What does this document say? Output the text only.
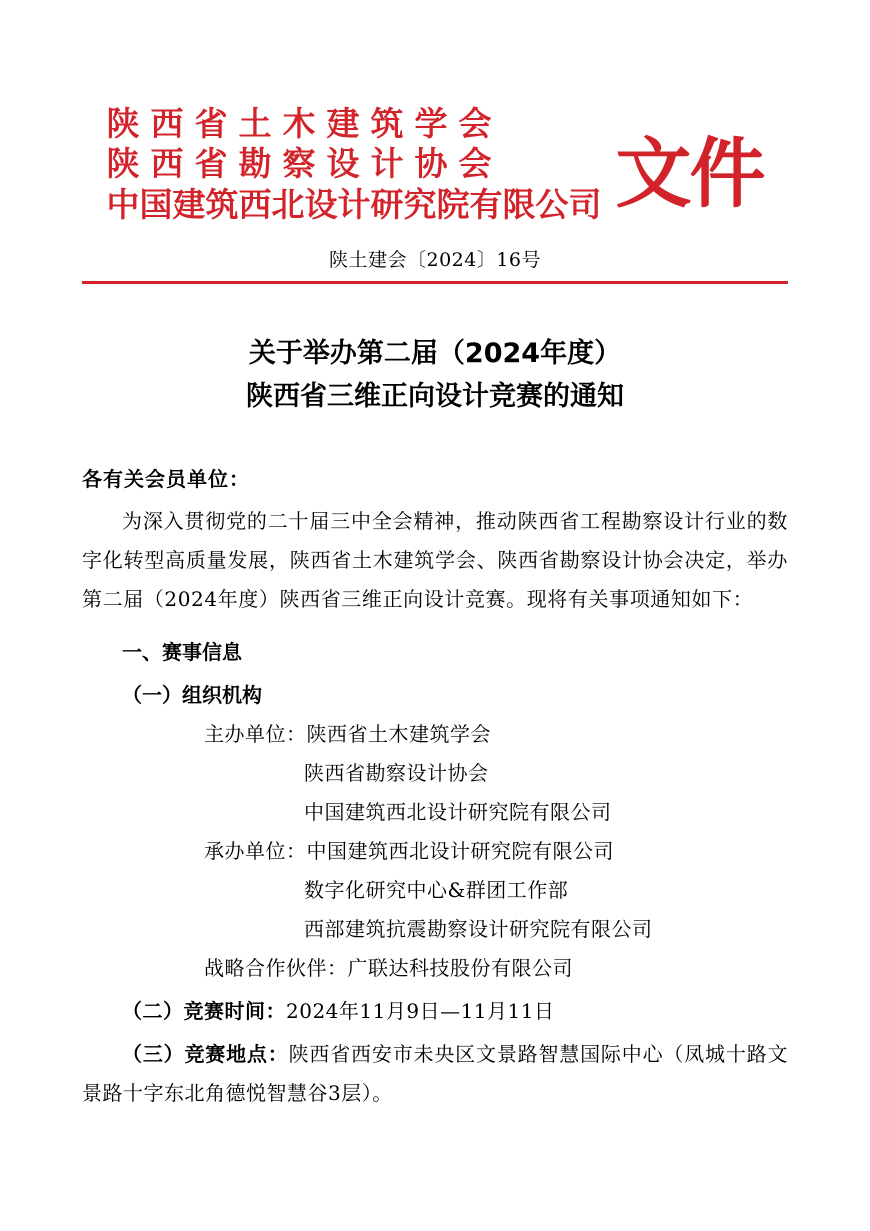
陕西省土木建筑学会
陕西省勘察设计协会
中国建筑西北设计研究院有限公司 文件
陕土建会〔2024〕16号
关于举办第二届（2024年度）
陕西省三维正向设计竞赛的通知
各有关会员单位：
为深入贯彻党的二十届三中全会精神，推动陕西省工程勘察设计行业的数字化转型高质量发展，陕西省土木建筑学会、陕西省勘察设计协会决定，举办第二届（2024年度）陕西省三维正向设计竞赛。现将有关事项通知如下：
一、赛事信息
（一）组织机构
主办单位：陕西省土木建筑学会
陕西省勘察设计协会
中国建筑西北设计研究院有限公司
承办单位：中国建筑西北设计研究院有限公司
数字化研究中心&群团工作部
西部建筑抗震勘察设计研究院有限公司
战略合作伙伴：广联达科技股份有限公司
（二）竞赛时间：2024年11月9日—11月11日
（三）竞赛地点：陕西省西安市未央区文景路智慧国际中心（凤城十路文景路十字东北角德悦智慧谷3层）。
